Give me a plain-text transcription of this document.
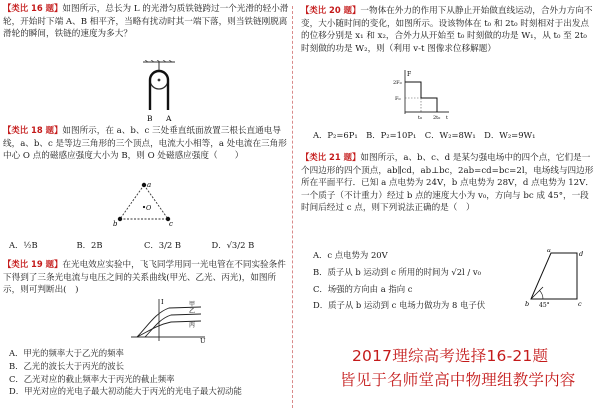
【类比 16 题】如图所示，总长为 L 的光滑匀质铁链跨过一个光滑的轻小滑轮，开始时下端 A、B 相平齐，当略有扰动时其一端下落，则当铁链刚脱离滑轮的瞬间，铁链的速度为多大？
B A
【类比 18 题】如图所示，在 a、b、c 三处垂直纸面放置三根长直通电导线，a、b、c 是等边三角形的三个顶点，电流大小相等，a 处电流在三角形中心 O 点的磁感应强度大小为 B，则 O 处磁感应强度（　　）
a
b	c
O
A．½B	B．2B	C．3/2 B	D．√3/2 B
【类比 19 题】在光电效应实验中，飞飞同学用同一光电管在不同实验条件下得到了三条光电流与电压之间的关系曲线(甲光、乙光、丙光)，如图所示，则可判断出(　)
I
U
甲
乙
丙
A．甲光的频率大于乙光的频率
B．乙光的波长大于丙光的波长
C．乙光对应的截止频率大于丙光的截止频率
D．甲光对应的光电子最大初动能大于丙光的光电子最大初动能
【类比 20 题】一物体在外力的作用下从静止开始做直线运动，合外力方向不变，大小随时间的变化，如图所示。设该物体在 t₀ 和 2t₀ 时刻相对于出发点的位移分别是 x₁ 和 x₂，合外力从开始至 t₀ 时刻做的功是 W₁，从 t₀ 至 2t₀ 时刻做的功是 W₂，则（利用 v-t 图像求位移解题）
F
2F₀
F₀
t₀ 2t₀ t
A．P₂=6P₁　B．P₂=10P₁　C．W₂=8W₁　D．W₂=9W₁
【类比 21 题】如图所示，a、b、c、d 是某匀强电场中的四个点，它们是一个四边形的四个顶点，ab∥cd，ab⊥bc，2ab=cd=bc=2l，电场线与四边形所在平面平行．已知 a 点电势为 24V，b 点电势为 28V，d 点电势为 12V．一个质子（不计重力）经过 b 点的速度大小为 v₀，方向与 bc 成 45°，一段时间后经过 c 点，则下列说法正确的是（　）
a	d
b	c
45°
A．c 点电势为 20V
B．质子从 b 运动到 c 所用的时间为 √2l / v₀
C．场强的方向由 a 指向 c
D．质子从 b 运动到 c 电场力做功为 8 电子伏
2017理综高考选择16-21题
皆见于名师堂高中物理组教学内容
